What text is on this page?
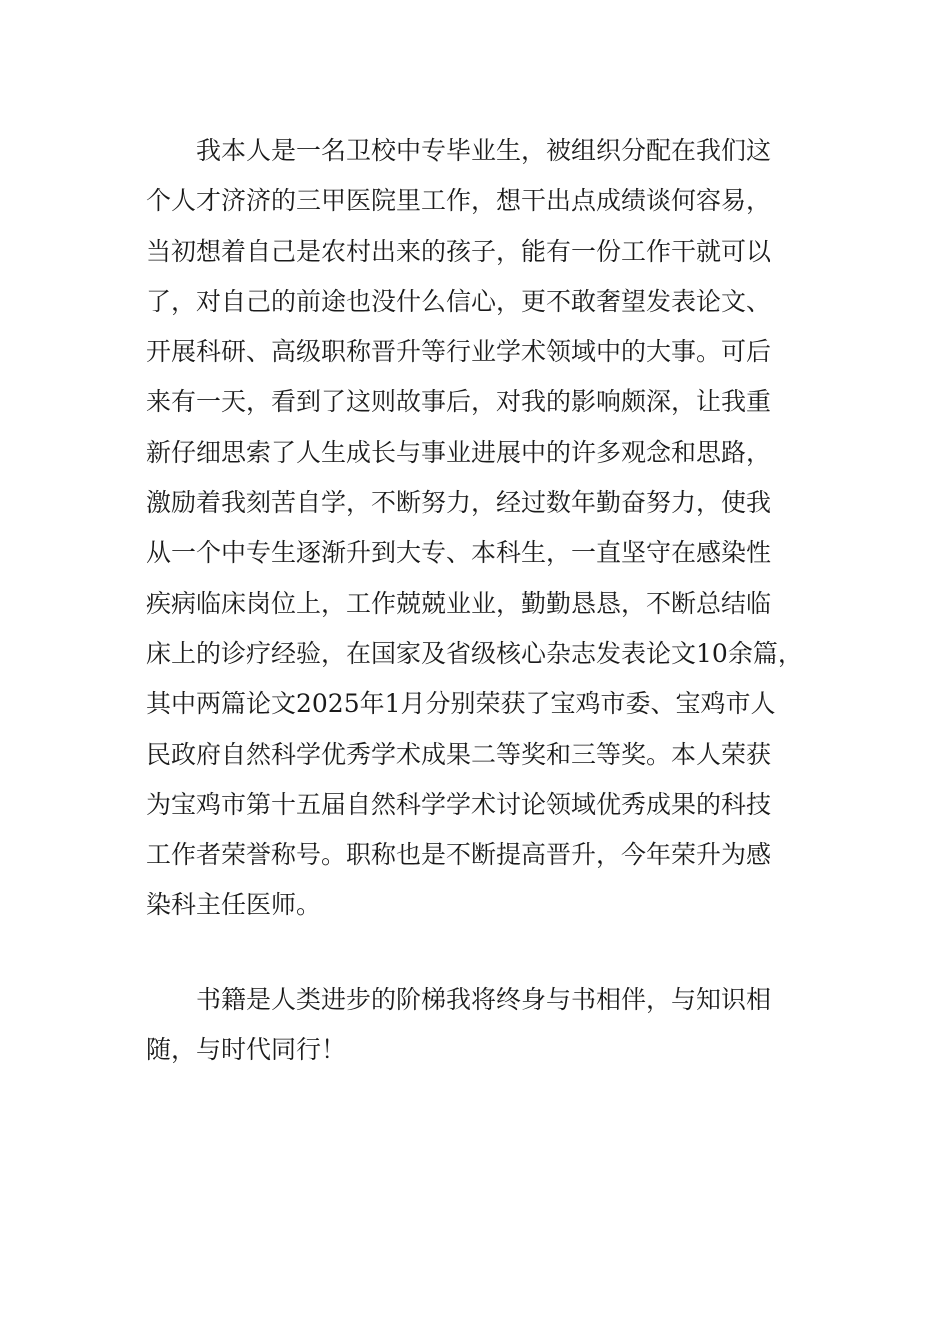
我本人是一名卫校中专毕业生，被组织分配在我们这
个人才济济的三甲医院里工作，想干出点成绩谈何容易，
当初想着自己是农村出来的孩子，能有一份工作干就可以
了，对自己的前途也没什么信心，更不敢奢望发表论文、
开展科研、高级职称晋升等行业学术领域中的大事。可后
来有一天，看到了这则故事后，对我的影响颇深，让我重
新仔细思索了人生成长与事业进展中的许多观念和思路，
激励着我刻苦自学，不断努力，经过数年勤奋努力，使我
从一个中专生逐渐升到大专、本科生，一直坚守在感染性
疾病临床岗位上，工作兢兢业业，勤勤恳恳，不断总结临
床上的诊疗经验，在国家及省级核心杂志发表论文10余篇，
其中两篇论文2025年1月分别荣获了宝鸡市委、宝鸡市人
民政府自然科学优秀学术成果二等奖和三等奖。本人荣获
为宝鸡市第十五届自然科学学术讨论领域优秀成果的科技
工作者荣誉称号。职称也是不断提高晋升，今年荣升为感
染科主任医师。
书籍是人类进步的阶梯我将终身与书相伴，与知识相
随，与时代同行！
